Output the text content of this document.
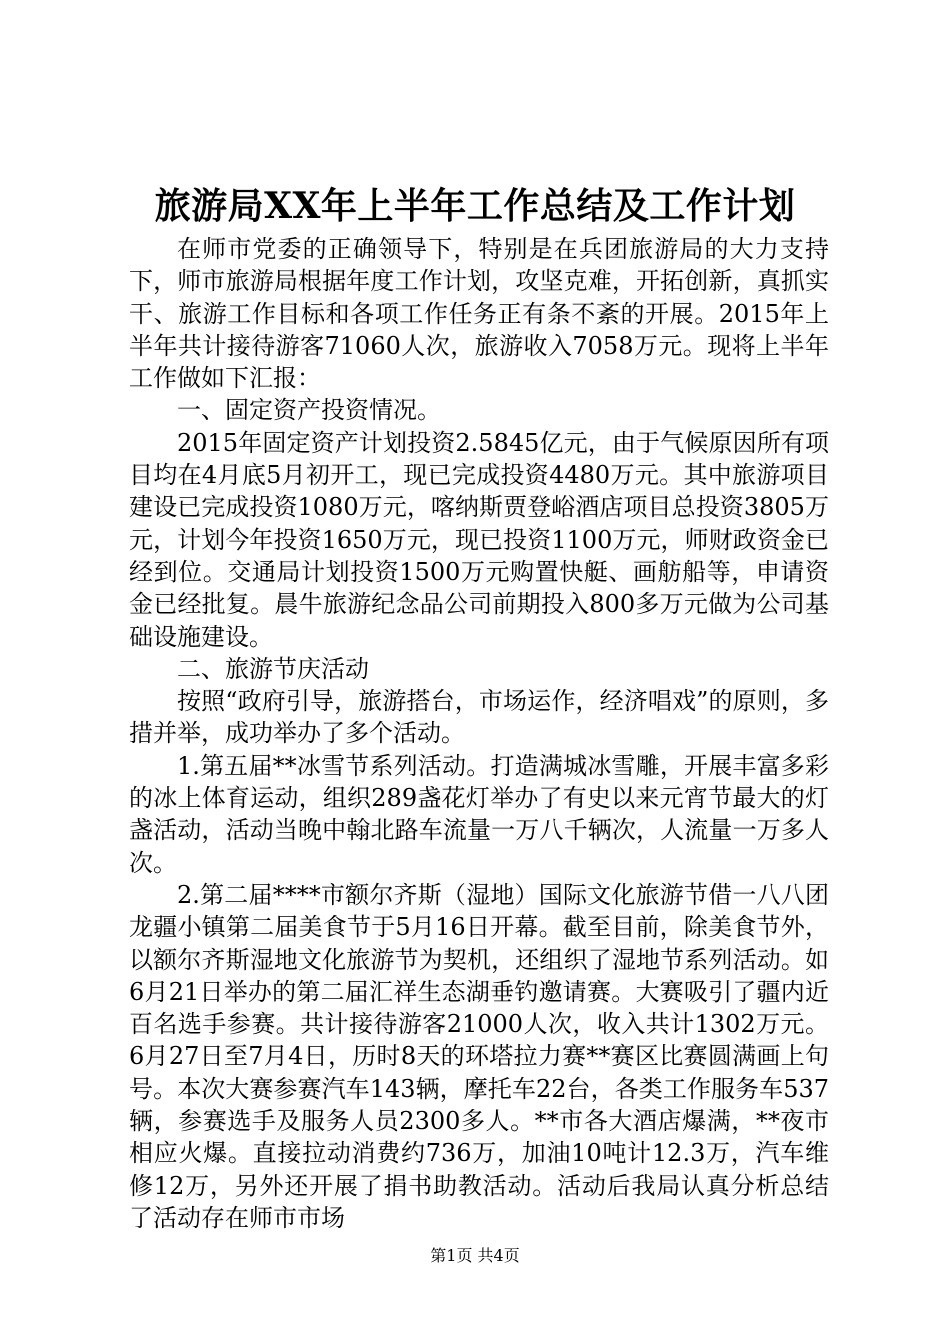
旅游局XX年上半年工作总结及工作计划

在师市党委的正确领导下，特别是在兵团旅游局的大力支持下，师市旅游局根据年度工作计划，攻坚克难，开拓创新，真抓实干、旅游工作目标和各项工作任务正有条不紊的开展。2015年上半年共计接待游客71060人次，旅游收入7058万元。现将上半年工作做如下汇报：

一、固定资产投资情况。

2015年固定资产计划投资2.5845亿元，由于气候原因所有项目均在4月底5月初开工，现已完成投资4480万元。其中旅游项目建设已完成投资1080万元，喀纳斯贾登峪酒店项目总投资3805万元，计划今年投资1650万元，现已投资1100万元，师财政资金已经到位。交通局计划投资1500万元购置快艇、画舫船等，申请资金已经批复。晨牛旅游纪念品公司前期投入800多万元做为公司基础设施建设。

二、旅游节庆活动

按照“政府引导，旅游搭台，市场运作，经济唱戏”的原则，多措并举，成功举办了多个活动。

1.第五届**冰雪节系列活动。打造满城冰雪雕，开展丰富多彩的冰上体育运动，组织289盏花灯举办了有史以来元宵节最大的灯盏活动，活动当晚中翰北路车流量一万八千辆次，人流量一万多人次。

2.第二届****市额尔齐斯（湿地）国际文化旅游节借一八八团龙疆小镇第二届美食节于5月16日开幕。截至目前，除美食节外，以额尔齐斯湿地文化旅游节为契机，还组织了湿地节系列活动。如6月21日举办的第二届汇祥生态湖垂钓邀请赛。大赛吸引了疆内近百名选手参赛。共计接待游客21000人次，收入共计1302万元。6月27日至7月4日，历时8天的环塔拉力赛**赛区比赛圆满画上句号。本次大赛参赛汽车143辆，摩托车22台，各类工作服务车537辆，参赛选手及服务人员2300多人。**市各大酒店爆满，**夜市相应火爆。直接拉动消费约736万，加油10吨计12.3万，汽车维修12万，另外还开展了捐书助教活动。活动后我局认真分析总结了活动存在师市市场

第1页 共4页
